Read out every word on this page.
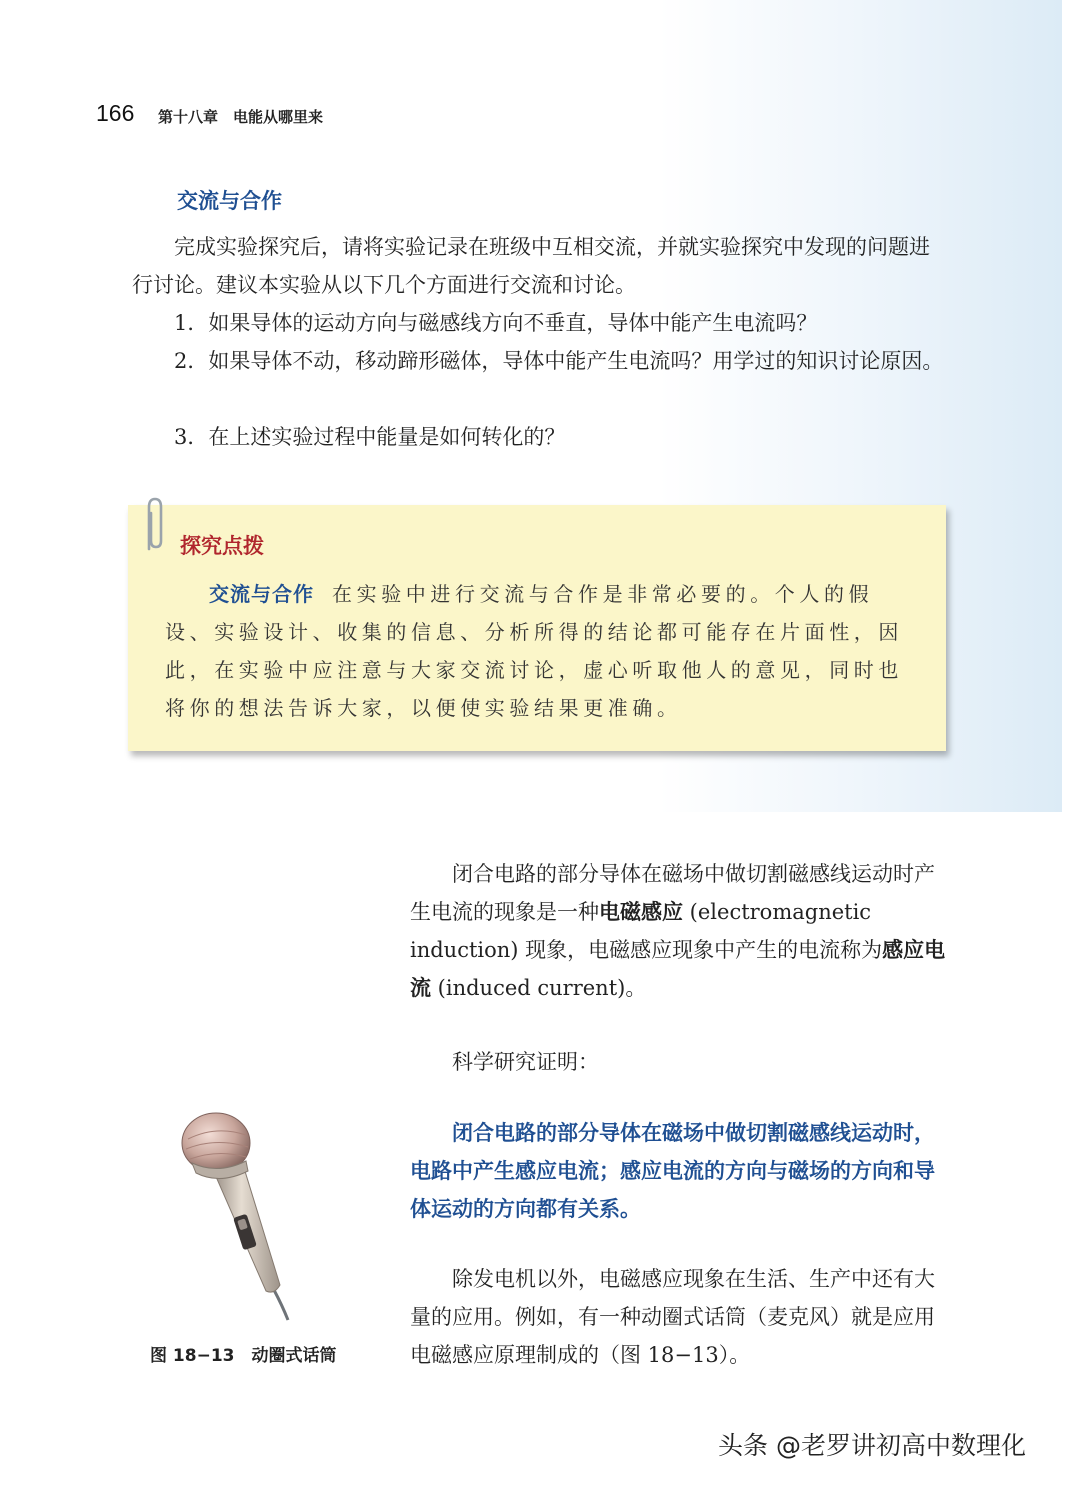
166 第十八章　电能从哪里来
交流与合作
完成实验探究后，请将实验记录在班级中互相交流，并就实验探究中发现的问题进行讨论。建议本实验从以下几个方面进行交流和讨论。
1．如果导体的运动方向与磁感线方向不垂直，导体中能产生电流吗？
2．如果导体不动，移动蹄形磁体，导体中能产生电流吗？用学过的知识讨论原因。
3．在上述实验过程中能量是如何转化的？
探究点拨
交流与合作 在实验中进行交流与合作是非常必要的。个人的假设、实验设计、收集的信息、分析所得的结论都可能存在片面性，因此，在实验中应注意与大家交流讨论，虚心听取他人的意见，同时也将你的想法告诉大家，以便使实验结果更准确。
闭合电路的部分导体在磁场中做切割磁感线运动时产生电流的现象是一种电磁感应 (electromagnetic induction) 现象，电磁感应现象中产生的电流称为感应电流 (induced current)。
科学研究证明：
闭合电路的部分导体在磁场中做切割磁感线运动时，电路中产生感应电流；感应电流的方向与磁场的方向和导体运动的方向都有关系。
除发电机以外，电磁感应现象在生活、生产中还有大量的应用。例如，有一种动圈式话筒（麦克风）就是应用电磁感应原理制成的（图 18−13）。
图 18−13　动圈式话筒
头条 @老罗讲初高中数理化
